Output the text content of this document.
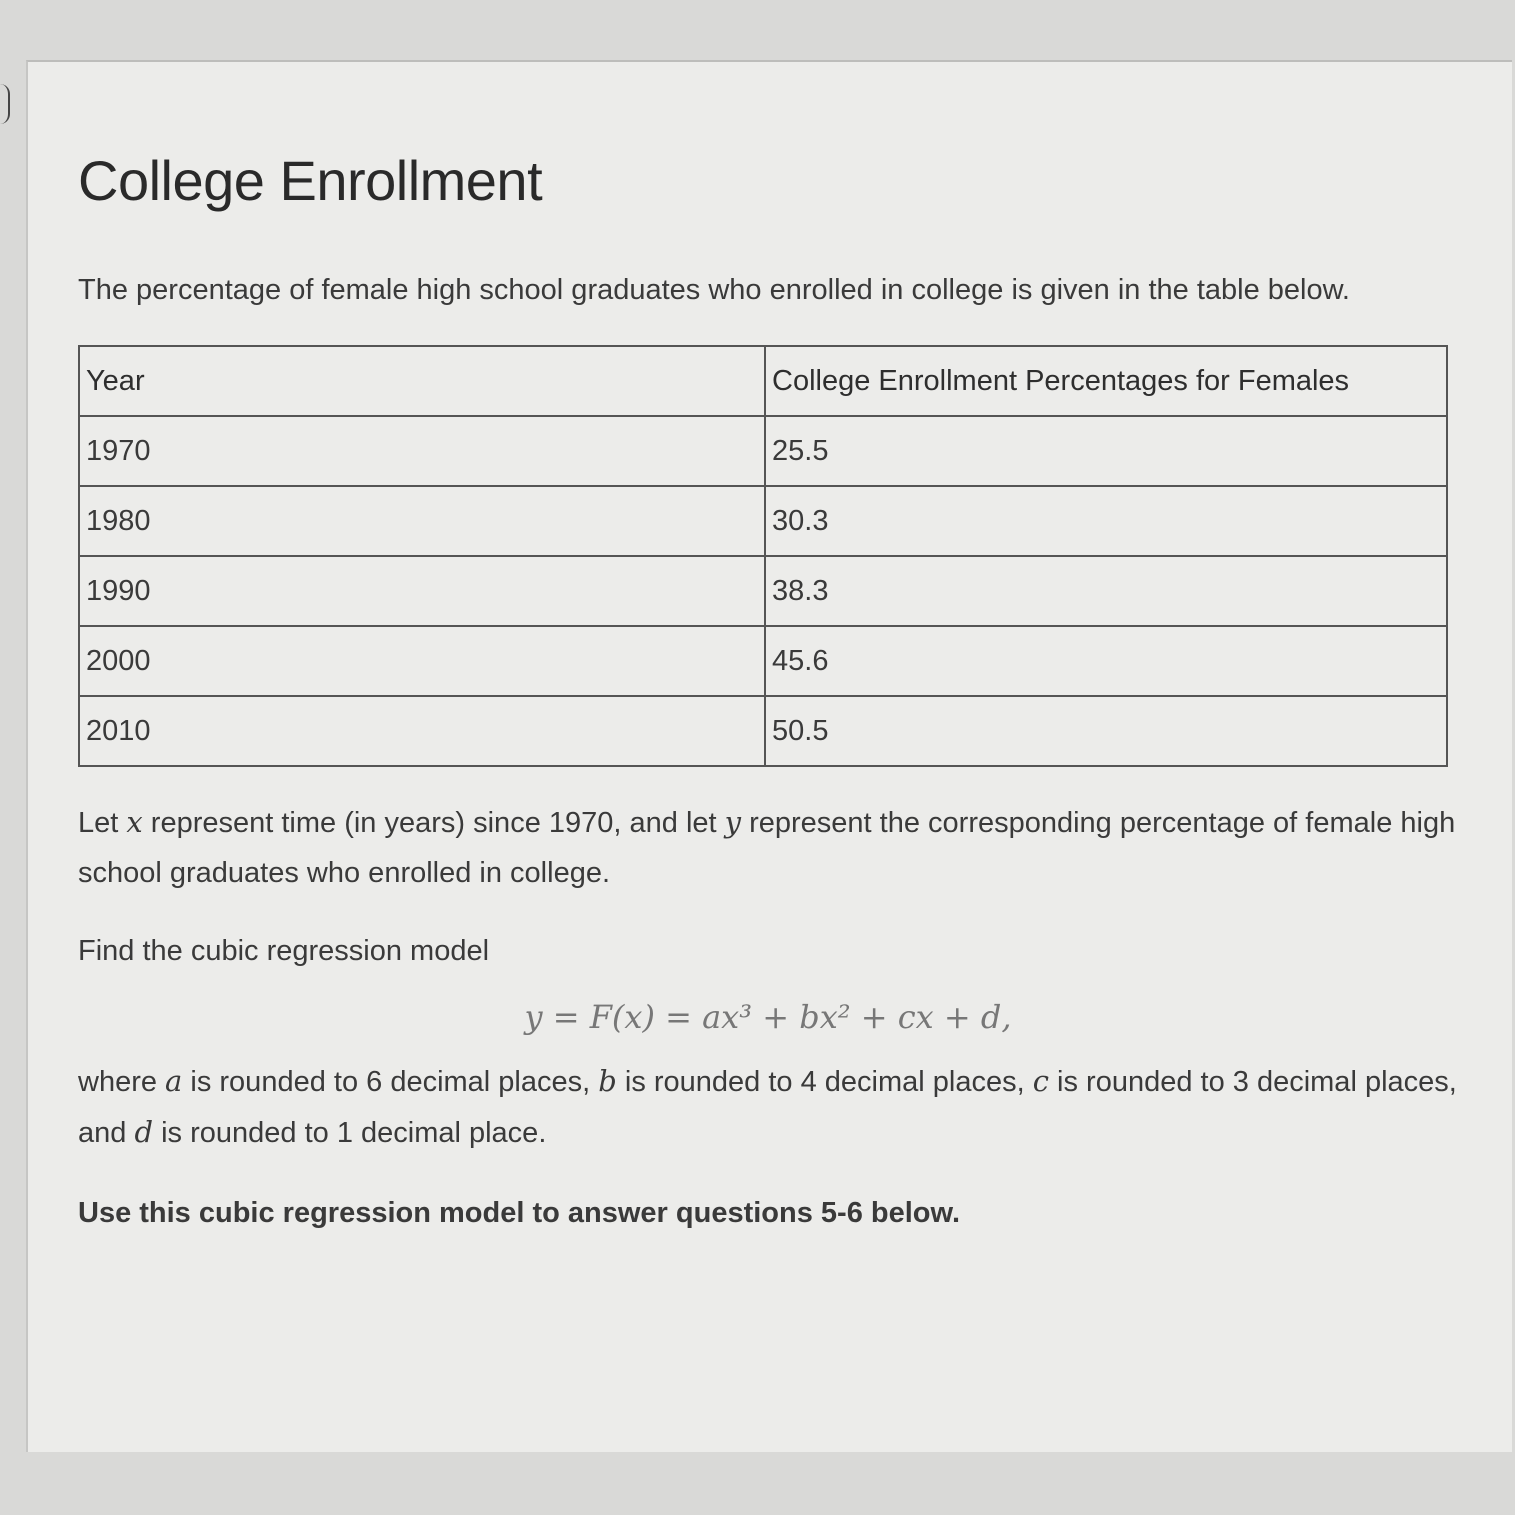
College Enrollment

The percentage of female high school graduates who enrolled in college is given in the table below.

Year	College Enrollment Percentages for Females
1970	25.5
1980	30.3
1990	38.3
2000	45.6
2010	50.5

Let x represent time (in years) since 1970, and let y represent the corresponding percentage of female high school graduates who enrolled in college.

Find the cubic regression model

y = F(x) = ax³ + bx² + cx + d,

where a is rounded to 6 decimal places, b is rounded to 4 decimal places, c is rounded to 3 decimal places, and d is rounded to 1 decimal place.

Use this cubic regression model to answer questions 5-6 below.
